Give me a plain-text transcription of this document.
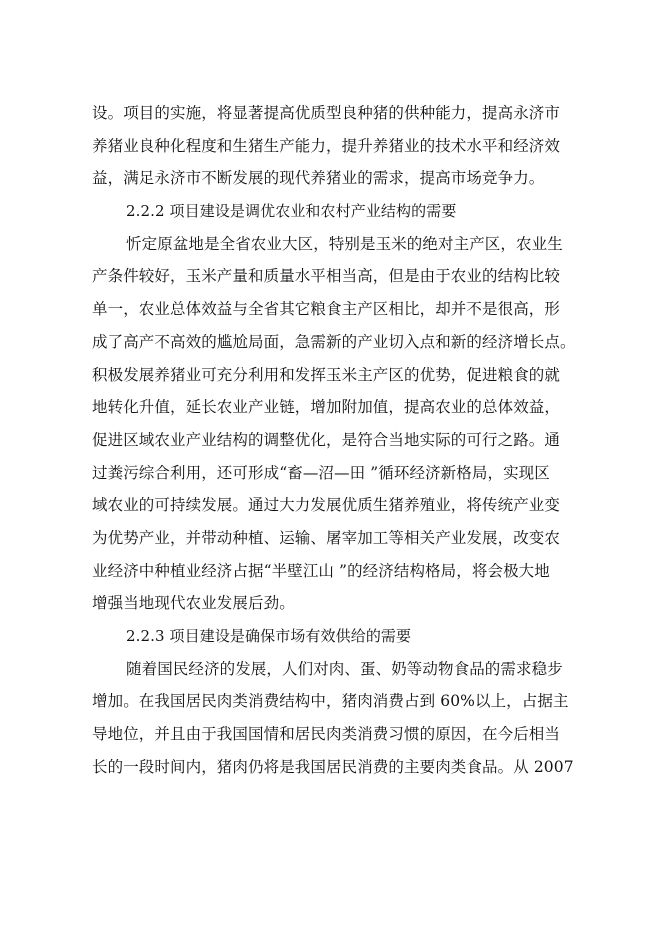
设。项目的实施，将显著提高优质型良种猪的供种能力，提高永济市
养猪业良种化程度和生猪生产能力，提升养猪业的技术水平和经济效
益，满足永济市不断发展的现代养猪业的需求，提高市场竞争力。
2.2.2 项目建设是调优农业和农村产业结构的需要
忻定原盆地是全省农业大区，特别是玉米的绝对主产区，农业生
产条件较好，玉米产量和质量水平相当高，但是由于农业的结构比较
单一，农业总体效益与全省其它粮食主产区相比，却并不是很高，形
成了高产不高效的尴尬局面，急需新的产业切入点和新的经济增长点。
积极发展养猪业可充分利用和发挥玉米主产区的优势，促进粮食的就
地转化升值，延长农业产业链，增加附加值，提高农业的总体效益，
促进区域农业产业结构的调整优化，是符合当地实际的可行之路。通
过粪污综合利用，还可形成“畜—沼—田 ”循环经济新格局，实现区
域农业的可持续发展。通过大力发展优质生猪养殖业，将传统产业变
为优势产业，并带动种植、运输、屠宰加工等相关产业发展，改变农
业经济中种植业经济占据“半壁江山 ”的经济结构格局，将会极大地
增强当地现代农业发展后劲。
2.2.3 项目建设是确保市场有效供给的需要
随着国民经济的发展，人们对肉、蛋、奶等动物食品的需求稳步
增加。在我国居民肉类消费结构中，猪肉消费占到 60%以上，占据主
导地位，并且由于我国国情和居民肉类消费习惯的原因，在今后相当
长的一段时间内，猪肉仍将是我国居民消费的主要肉类食品。从 2007
